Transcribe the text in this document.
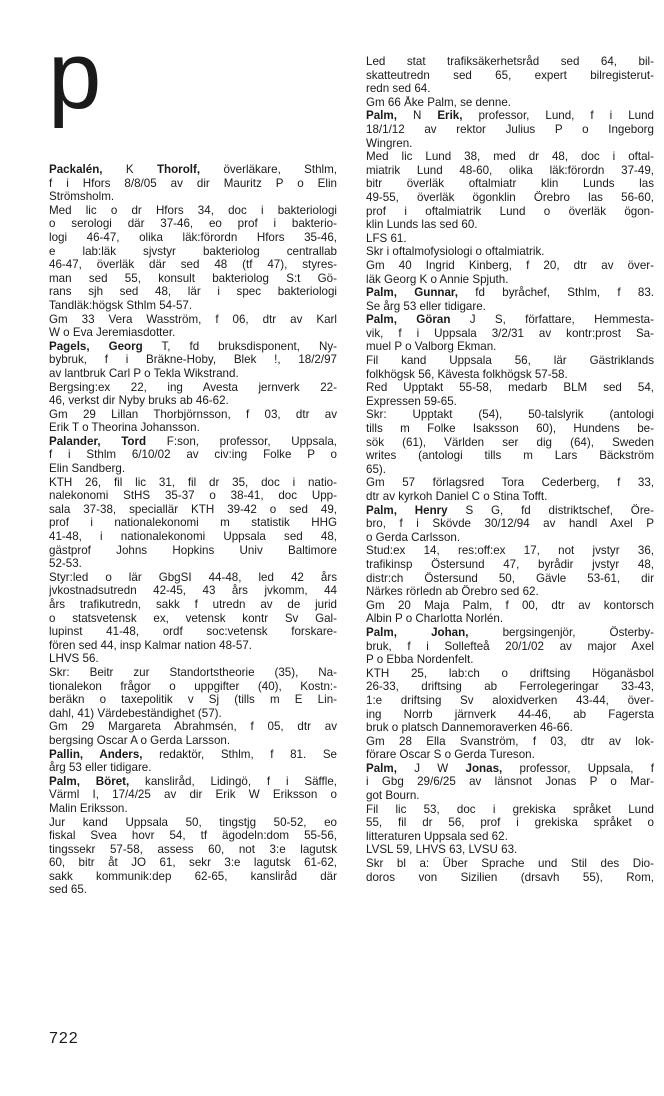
Packalén, K Thorolf, överläkare, Sthlm,
f i Hfors 8/8/05 av dir Mauritz P o Elin
Strömsholm.
Med lic o dr Hfors 34, doc i bakteriologi
o serologi där 37-46, eo prof i bakterio-
logi 46-47, olika läk:förordn Hfors 35-46,
e lab:läk sjvstyr bakteriolog centrallab
46-47, överläk där sed 48 (tf 47), styres-
man sed 55, konsult bakteriolog S:t Gö-
rans sjh sed 48, lär i spec bakteriologi
Tandläk:högsk Sthlm 54-57.
Gm 33 Vera Wasström, f 06, dtr av Karl
W o Eva Jeremiasdotter.
Pagels, Georg T, fd bruksdisponent, Ny-
bybruk, f i Bräkne-Hoby, Blek !, 18/2/97
av lantbruk Carl P o Tekla Wikstrand.
Bergsing:ex 22, ing Avesta jernverk 22-
46, verkst dir Nyby bruks ab 46-62.
Gm 29 Lillan Thorbjörnsson, f 03, dtr av
Erik T o Theorina Johansson.
Palander, Tord F:son, professor, Uppsala,
f i Sthlm 6/10/02 av civ:ing Folke P o
Elin Sandberg.
KTH 26, fil lic 31, fil dr 35, doc i natio-
nalekonomi StHS 35-37 o 38-41, doc Upp-
sala 37-38, speciallär KTH 39-42 o sed 49,
prof i nationalekonomi m statistik HHG
41-48, i nationalekonomi Uppsala sed 48,
gästprof Johns Hopkins Univ Baltimore
52-53.
Styr:led o lär GbgSI 44-48, led 42 års
jvkostnadsutredn 42-45, 43 års jvkomm, 44
års trafikutredn, sakk f utredn av de jurid
o statsvetensk ex, vetensk kontr Sv Gal-
lupinst 41-48, ordf soc:vetensk forskare-
fören sed 44, insp Kalmar nation 48-57.
LHVS 56.
Skr: Beitr zur Standortstheorie (35), Na-
tionalekon frågor o uppgifter (40), Kostn:-
beräkn o taxepolitik v Sj (tills m E Lin-
dahl, 41) Värdebeständighet (57).
Gm 29 Margareta Abrahmsén, f 05, dtr av
bergsing Oscar A o Gerda Larsson.
Pallin, Anders, redaktör, Sthlm, f 81. Se
årg 53 eller tidigare.
Palm, Böret, kansliråd, Lidingö, f i Säffle,
Värml I, 17/4/25 av dir Erik W Eriksson o
Malin Eriksson.
Jur kand Uppsala 50, tingstjg 50-52, eo
fiskal Svea hovr 54, tf ägodeln:dom 55-56,
tingssekr 57-58, assess 60, not 3:e lagutsk
60, bitr åt JO 61, sekr 3:e lagutsk 61-62,
sakk kommunik:dep 62-65, kanslіråd där
sed 65.
p	Led stat trafiksäkerhetsråd sed 64, bil-
skatteutredn sed 65, expert bilregisterut-
redn sed 64.
Gm 66 Åke Palm, se denne.
Palm, N Erik, professor, Lund, f i Lund
18/1/12 av rektor Julius P o Ingeborg
Wingren.
Med lic Lund 38, med dr 48, doc i oftal-
miatrik Lund 48-60, olika läk:förordn 37-49,
bitr överläk oftalmiatr klin Lunds las
49-55, överläk ögonklin Örebro las 56-60,
prof i oftalmiatrik Lund o överläk ögon-
klin Lunds las sed 60.
LFS 61.
Skr i oftalmofysiologi o oftalmiatrik.
Gm 40 Ingrid Kinberg, f 20, dtr av över-
läk Georg K o Annie Spjuth.
Palm, Gunnar, fd byråchef, Sthlm, f 83.
Se årg 53 eller tidigare.
Palm, Göran J S, författare, Hemmesta-
vik, f i Uppsala 3/2/31 av kontr:prost Sa-
muel P o Valborg Ekman.
Fil kand Uppsala 56, lär Gästriklands
folkhögsk 56, Kävesta folkhögsk 57-58.
Red Upptakt 55-58, medarb BLM sed 54,
Expressen 59-65.
Skr: Upptakt (54), 50-talslyrik (antologi
tills m Folke Isaksson 60), Hundens be-
sök (61), Världen ser dig (64), Sweden
writes (antologi tills m Lars Bäckström
65).
Gm 57 förlagsred Tora Cederberg, f 33,
dtr av kyrkoh Daniel C o Stina Tofft.
Palm, Henry S G, fd distriktschef, Öre-
bro, f i Skövde 30/12/94 av handl Axel P
o Gerda Carlsson.
Stud:ex 14, res:off:ex 17, not jvstyr 36,
trafikinsp Östersund 47, byrådir jvstyr 48,
distr:ch Östersund 50, Gävle 53-61, dir
Närkes rörledn ab Örebro sed 62.
Gm 20 Maja Palm, f 00, dtr av kontorsch
Albin P o Charlotta Norlén.
Palm, Johan, bergsingenjör, Österby-
bruk, f i Sollefteå 20/1/02 av major Axel
P o Ebba Nordenfelt.
KTH 25, lab:ch o driftsing Höganäsbol
26-33, driftsing ab Ferrolegeringar 33-43,
1:e driftsing Sv aloxidverken 43-44, över-
ing Norrb järnverk 44-46, ab Fagersta
bruk o platsch Dannemoraverken 46-66.
Gm 28 Ella Svanström, f 03, dtr av lok-
förare Oscar S o Gerda Tureson.
Palm, J W Jonas, professor, Uppsala, f
i Gbg 29/6/25 av länsnot Jonas P o Mar-
got Bourn.
Fil lic 53, doc i grekiska språket Lund
55, fil dr 56, prof i grekiska språket o
litteraturen Uppsala sed 62.
LVSL 59, LHVS 63, LVSU 63.
Skr bl a: Über Sprache und Stil des Dio-
doros von Sizilien (drsavh 55), Rom,
722
